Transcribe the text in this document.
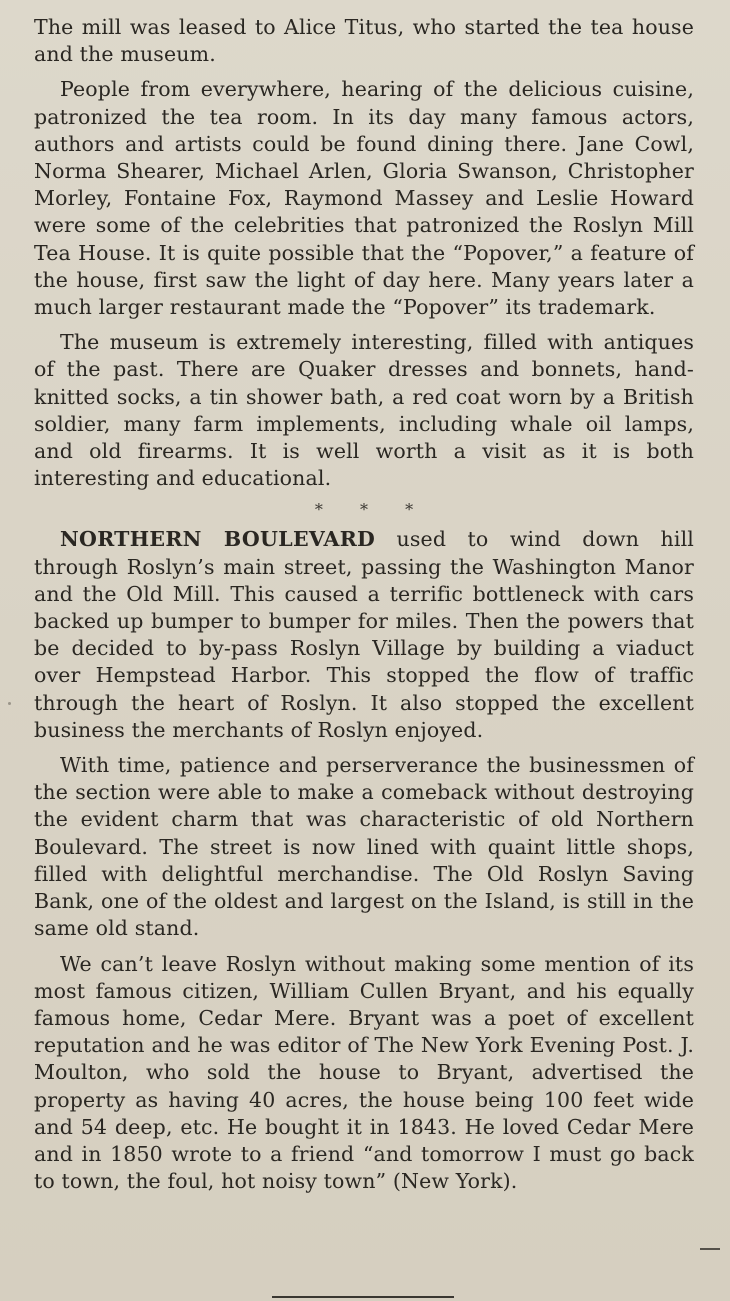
The mill was leased to Alice Titus, who started the tea house and the museum.

People from everywhere, hearing of the delicious cuisine, patronized the tea room. In its day many famous actors, authors and artists could be found dining there. Jane Cowl, Norma Shearer, Michael Arlen, Gloria Swanson, Christopher Morley, Fontaine Fox, Raymond Massey and Leslie Howard were some of the celebrities that patronized the Roslyn Mill Tea House. It is quite possible that the “Popover,” a feature of the house, first saw the light of day here. Many years later a much larger restaurant made the “Popover” its trademark.

The museum is extremely interesting, filled with antiques of the past. There are Quaker dresses and bonnets, hand-knitted socks, a tin shower bath, a red coat worn by a British soldier, many farm implements, including whale oil lamps, and old firearms. It is well worth a visit as it is both interesting and educational.

* * *

NORTHERN BOULEVARD used to wind down hill through Roslyn’s main street, passing the Washington Manor and the Old Mill. This caused a terrific bottleneck with cars backed up bumper to bumper for miles. Then the powers that be decided to by-pass Roslyn Village by building a viaduct over Hempstead Harbor. This stopped the flow of traffic through the heart of Roslyn. It also stopped the excellent business the merchants of Roslyn enjoyed.

With time, patience and perserverance the businessmen of the section were able to make a comeback without destroying the evident charm that was characteristic of old Northern Boulevard. The street is now lined with quaint little shops, filled with delightful merchandise. The Old Roslyn Saving Bank, one of the oldest and largest on the Island, is still in the same old stand.

We can’t leave Roslyn without making some mention of its most famous citizen, William Cullen Bryant, and his equally famous home, Cedar Mere. Bryant was a poet of excellent reputation and he was editor of The New York Evening Post. J. Moulton, who sold the house to Bryant, advertised the property as having 40 acres, the house being 100 feet wide and 54 deep, etc. He bought it in 1843. He loved Cedar Mere and in 1850 wrote to a friend “and tomorrow I must go back to town, the foul, hot noisy town” (New York).
